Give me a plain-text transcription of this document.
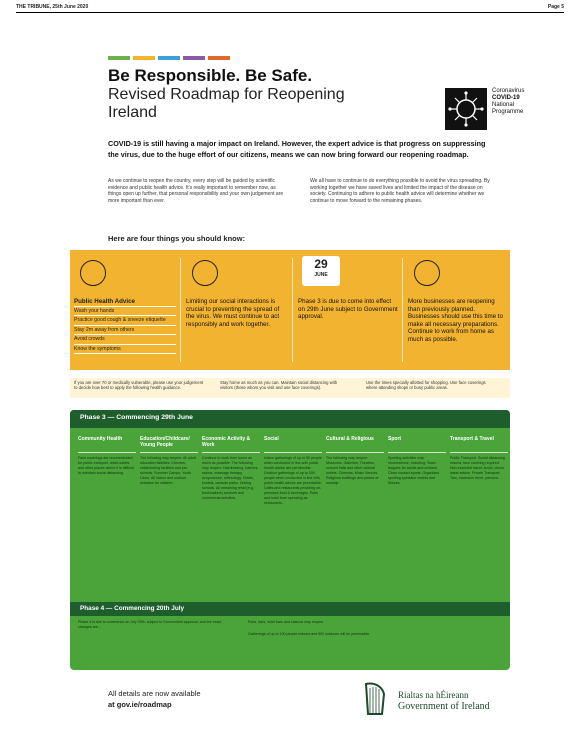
THE TRIBUNE, 25th June 2020	Page 5
Be Responsible. Be Safe.
Revised Roadmap for Reopening Ireland
Coronavirus
COVID-19
National
Programme
COVID-19 is still having a major impact on Ireland. However, the expert advice is that progress on suppressing the virus, due to the huge effort of our citizens, means we can now bring forward our reopening roadmap.
As we continue to reopen the country, every step will be guided by scientific evidence and public health advice. It's really important to remember now, as things open up further, that personal responsibility and your own judgement are more important than ever.
We all have to continue to do everything possible to avoid the virus spreading. By working together we have saved lives and limited the impact of the disease on society. Continuing to adhere to public health advice will determine whether we continue to move forward to the remaining phases.
Here are four things you should know:
Public Health Advice
Wash your hands
Practice good cough & sneeze etiquette
Stay 2m away from others
Avoid crowds
Know the symptoms
Limiting our social interactions is crucial to preventing the spread of the virus. We must continue to act responsibly and work together.
29
JUNE
Phase 3 is due to come into effect on 29th June subject to Government approval.
More businesses are reopening than previously planned. Businesses should use this time to make all necessary preparations. Continue to work from home as much as possible.
If you are over 70 or medically vulnerable, please use your judgement to decide how best to apply the following health guidance.
Stay home as much as you can. Maintain social distancing with visitors (those whom you visit and use face coverings).
Use the times specially allotted for shopping. Use face coverings where attending shops or busy public areas.
Phase 3 — Commencing 29th June
Community Health
Face coverings are recommended for public transport, retail outlets and other places where it is difficult to maintain social distancing.
Education/Childcare/ Young People
The following may reopen: All adult education facilities. Creches, childminding facilities and pre-schools. Summer Camps. Youth Clubs. All indoor and outdoor activities for children.
Economic Activity & Work
Continue to work from home as much as possible. The following may reopen: Hairdressing, barbers, salons, massage therapy, acupuncture, reflexology. Hotels, hostels, caravan parks. Driving schools. All remaining retail (e.g. bookmakers) services and commercial activities.
Social
Indoor gatherings of up to 50 people when conducted in line with public health advice are permissible. Outdoor gatherings of up to 200 people when conducted in line with public health advice are permissible. Cafés and restaurants providing on-premises food & beverages. Pubs and hotel bars operating as restaurants.
Cultural & Religious
The following may reopen: Museums, Galleries, Theatres, concert halls and other cultural outlets. Cinemas, Music Venues. Religious buildings and places of worship.
Sport
Sporting activities may recommence, including: Team leagues for adults and children. Close contact sports. Organised sporting spectator events and fixtures.
Transport & Travel
Public Transport: Social distancing returns, face covering required. Non-essential travel: Avoid, check latest advice. Private Transport: Two, maximum three, persons.
Phase 4 — Commencing 20th July
Phase 4 is due to commence on July 20th, subject to Government approval, and the exact changes are...
Pubs, bars, hotel bars and casinos may reopen.
Gatherings of up to 100 people indoors and 500 outdoors will be permissible.
All details are now available
at gov.ie/roadmap
Rialtas na hÉireann
Government of Ireland
